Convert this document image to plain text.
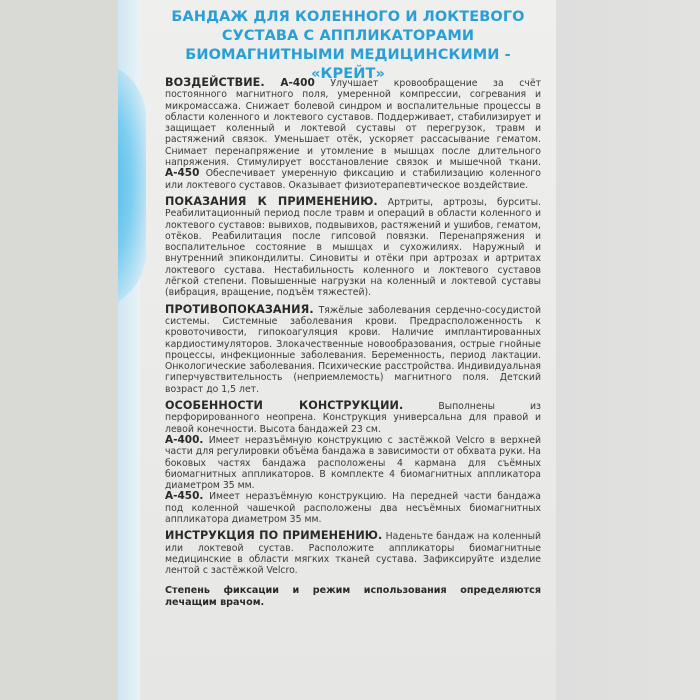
БАНДАЖ ДЛЯ КОЛЕННОГО И ЛОКТЕВОГО СУСТАВА С АППЛИКАТОРАМИ БИОМАГНИТНЫМИ МЕДИЦИНСКИМИ - «КРЕЙТ»

ВОЗДЕЙСТВИЕ. А-400 Улучшает кровообращение за счёт постоянного магнитного поля, умеренной компрессии, согревания и микромассажа. Снижает болевой синдром и воспалительные процессы в области коленного и локтевого суставов. Поддерживает, стабилизирует и защищает коленный и локтевой суставы от перегрузок, травм и растяжений связок. Уменьшает отёк, ускоряет рассасывание гематом. Снимает перенапряжение и утомление в мышцах после длительного напряжения. Стимулирует восстановление связок и мышечной ткани. А-450 Обеспечивает умеренную фиксацию и стабилизацию коленного или локтевого суставов. Оказывает физиотерапевтическое воздействие.

ПОКАЗАНИЯ К ПРИМЕНЕНИЮ. Артриты, артрозы, бурситы. Реабилитационный период после травм и операций в области коленного и локтевого суставов: вывихов, подвывихов, растяжений и ушибов, гематом, отёков. Реабилитация после гипсовой повязки. Перенапряжения и воспалительное состояние в мышцах и сухожилиях. Наружный и внутренний эпикондилиты. Синовиты и отёки при артрозах и артритах локтевого сустава. Нестабильность коленного и локтевого суставов лёгкой степени. Повышенные нагрузки на коленный и локтевой суставы (вибрация, вращение, подъём тяжестей).

ПРОТИВОПОКАЗАНИЯ. Тяжёлые заболевания сердечно-сосудистой системы. Системные заболевания крови. Предрасположенность к кровоточивости, гипокоагуляция крови. Наличие имплантированных кардиостимуляторов. Злокачественные новообразования, острые гнойные процессы, инфекционные заболевания. Беременность, период лактации. Онкологические заболевания. Психические расстройства. Индивидуальная гиперчувствительность (неприемлемость) магнитного поля. Детский возраст до 1,5 лет.

ОСОБЕННОСТИ КОНСТРУКЦИИ.	Выполнены из перфорированного неопрена. Конструкция универсальна для правой и левой конечности. Высота бандажей 23 см.

А-400. Имеет неразъёмную конструкцию с застёжкой Velcro в верхней части для регулировки объёма бандажа в зависимости от обхвата руки. На боковых частях бандажа расположены 4 кармана для съёмных биомагнитных аппликаторов. В комплекте 4 биомагнитных аппликатора диаметром 35 мм.

А-450. Имеет неразъёмную конструкцию. На передней части бандажа под коленной чашечкой расположены два несъёмных биомагнитных аппликатора диаметром 35 мм.

ИНСТРУКЦИЯ ПО ПРИМЕНЕНИЮ. Наденьте бандаж на коленный или локтевой сустав. Расположите аппликаторы биомагнитные медицинские в области мягких тканей сустава. Зафиксируйте изделие лентой с застёжкой Velcro.

Степень фиксации и режим использования определяются лечащим врачом.
